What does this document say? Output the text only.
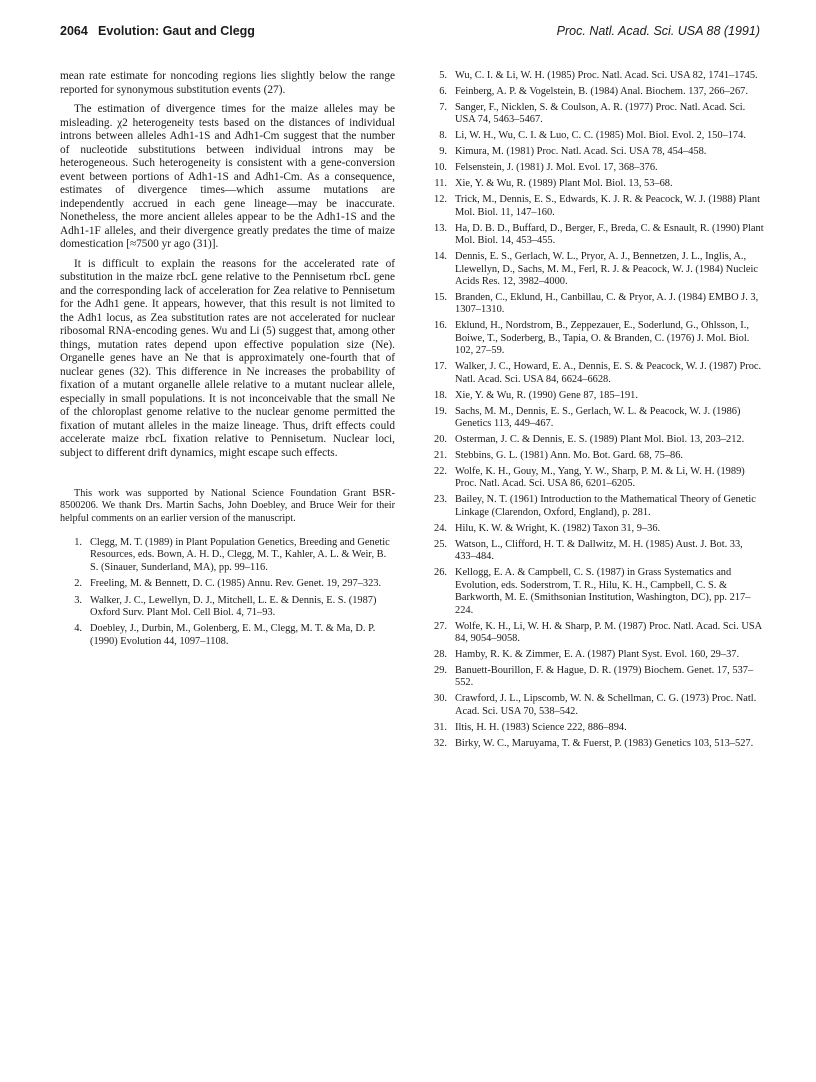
2064 Evolution: Gaut and Clegg	Proc. Natl. Acad. Sci. USA 88 (1991)

mean rate estimate for noncoding regions lies slightly below the range reported for synonymous substitution events (27).

The estimation of divergence times for the maize alleles may be misleading. χ2 heterogeneity tests based on the distances of individual introns between alleles Adh1-1S and Adh1-Cm suggest that the number of nucleotide substitutions between individual introns may be heterogeneous. Such heterogeneity is consistent with a gene-conversion event between portions of Adh1-1S and Adh1-Cm. As a consequence, estimates of divergence times—which assume mutations are independently accrued in each gene lineage—may be inaccurate. Nonetheless, the more ancient alleles appear to be the Adh1-1S and the Adh1-1F alleles, and their divergence greatly predates the time of maize domestication [≈7500 yr ago (31)].

It is difficult to explain the reasons for the accelerated rate of substitution in the maize rbcL gene relative to the Pennisetum rbcL gene and the corresponding lack of acceleration for Zea relative to Pennisetum for the Adh1 gene. It appears, however, that this result is not limited to the Adh1 locus, as Zea substitution rates are not accelerated for nuclear ribosomal RNA-encoding genes. Wu and Li (5) suggest that, among other things, mutation rates depend upon effective population size (Ne). Organelle genes have an Ne that is approximately one-fourth that of nuclear genes (32). This difference in Ne increases the probability of fixation of a mutant organelle allele relative to a mutant nuclear allele, especially in small populations. It is not inconceivable that the small Ne of the chloroplast genome relative to the nuclear genome permitted the fixation of mutant alleles in the maize lineage. Thus, drift effects could accelerate maize rbcL fixation relative to Pennisetum. Nuclear loci, subject to different drift dynamics, might escape such effects.

This work was supported by National Science Foundation Grant BSR-8500206. We thank Drs. Martin Sachs, John Doebley, and Bruce Weir for their helpful comments on an earlier version of the manuscript.

1. Clegg, M. T. (1989) in Plant Population Genetics, Breeding and Genetic Resources, eds. Bown, A. H. D., Clegg, M. T., Kahler, A. L. & Weir, B. S. (Sinauer, Sunderland, MA), pp. 99–116.
2. Freeling, M. & Bennett, D. C. (1985) Annu. Rev. Genet. 19, 297–323.
3. Walker, J. C., Lewellyn, D. J., Mitchell, L. E. & Dennis, E. S. (1987) Oxford Surv. Plant Mol. Cell Biol. 4, 71–93.
4. Doebley, J., Durbin, M., Golenberg, E. M., Clegg, M. T. & Ma, D. P. (1990) Evolution 44, 1097–1108.
5. Wu, C. I. & Li, W. H. (1985) Proc. Natl. Acad. Sci. USA 82, 1741–1745.
6. Feinberg, A. P. & Vogelstein, B. (1984) Anal. Biochem. 137, 266–267.
7. Sanger, F., Nicklen, S. & Coulson, A. R. (1977) Proc. Natl. Acad. Sci. USA 74, 5463–5467.
8. Li, W. H., Wu, C. I. & Luo, C. C. (1985) Mol. Biol. Evol. 2, 150–174.
9. Kimura, M. (1981) Proc. Natl. Acad. Sci. USA 78, 454–458.
10. Felsenstein, J. (1981) J. Mol. Evol. 17, 368–376.
11. Xie, Y. & Wu, R. (1989) Plant Mol. Biol. 13, 53–68.
12. Trick, M., Dennis, E. S., Edwards, K. J. R. & Peacock, W. J. (1988) Plant Mol. Biol. 11, 147–160.
13. Ha, D. B. D., Buffard, D., Berger, F., Breda, C. & Esnault, R. (1990) Plant Mol. Biol. 14, 453–455.
14. Dennis, E. S., Gerlach, W. L., Pryor, A. J., Bennetzen, J. L., Inglis, A., Llewellyn, D., Sachs, M. M., Ferl, R. J. & Peacock, W. J. (1984) Nucleic Acids Res. 12, 3982–4000.
15. Branden, C., Eklund, H., Canbillau, C. & Pryor, A. J. (1984) EMBO J. 3, 1307–1310.
16. Eklund, H., Nordstrom, B., Zeppezauer, E., Soderlund, G., Ohlsson, I., Boiwe, T., Soderberg, B., Tapia, O. & Branden, C. (1976) J. Mol. Biol. 102, 27–59.
17. Walker, J. C., Howard, E. A., Dennis, E. S. & Peacock, W. J. (1987) Proc. Natl. Acad. Sci. USA 84, 6624–6628.
18. Xie, Y. & Wu, R. (1990) Gene 87, 185–191.
19. Sachs, M. M., Dennis, E. S., Gerlach, W. L. & Peacock, W. J. (1986) Genetics 113, 449–467.
20. Osterman, J. C. & Dennis, E. S. (1989) Plant Mol. Biol. 13, 203–212.
21. Stebbins, G. L. (1981) Ann. Mo. Bot. Gard. 68, 75–86.
22. Wolfe, K. H., Gouy, M., Yang, Y. W., Sharp, P. M. & Li, W. H. (1989) Proc. Natl. Acad. Sci. USA 86, 6201–6205.
23. Bailey, N. T. (1961) Introduction to the Mathematical Theory of Genetic Linkage (Clarendon, Oxford, England), p. 281.
24. Hilu, K. W. & Wright, K. (1982) Taxon 31, 9–36.
25. Watson, L., Clifford, H. T. & Dallwitz, M. H. (1985) Aust. J. Bot. 33, 433–484.
26. Kellogg, E. A. & Campbell, C. S. (1987) in Grass Systematics and Evolution, eds. Soderstrom, T. R., Hilu, K. H., Campbell, C. S. & Barkworth, M. E. (Smithsonian Institution, Washington, DC), pp. 217–224.
27. Wolfe, K. H., Li, W. H. & Sharp, P. M. (1987) Proc. Natl. Acad. Sci. USA 84, 9054–9058.
28. Hamby, R. K. & Zimmer, E. A. (1987) Plant Syst. Evol. 160, 29–37.
29. Banuett-Bourillon, F. & Hague, D. R. (1979) Biochem. Genet. 17, 537–552.
30. Crawford, J. L., Lipscomb, W. N. & Schellman, C. G. (1973) Proc. Natl. Acad. Sci. USA 70, 538–542.
31. Iltis, H. H. (1983) Science 222, 886–894.
32. Birky, W. C., Maruyama, T. & Fuerst, P. (1983) Genetics 103, 513–527.
